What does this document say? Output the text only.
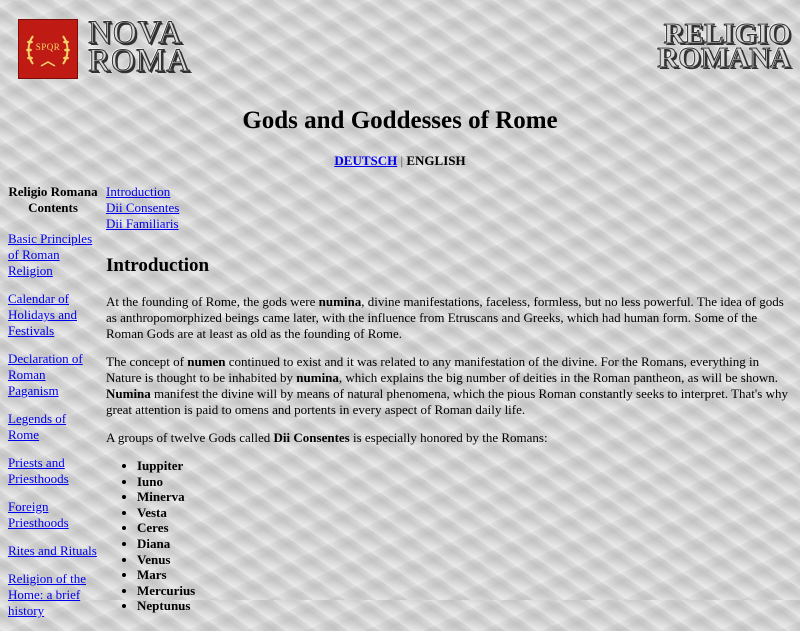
SPQR NOVA
ROMA
RELIGIO
ROMANA
Gods and Goddesses of Rome
DEUTSCH | ENGLISH
Religio Romana
Contents
Basic Principles of Roman Religion
Calendar of Holidays and Festivals
Declaration of Roman Paganism
Legends of Rome
Priests and Priesthoods
Foreign Priesthoods
Rites and Rituals
Religion of the Home: a brief history
Introduction
Dii Consentes
Dii Familiaris
Introduction

At the founding of Rome, the gods were numina, divine manifestations, faceless, formless, but no less powerful. The idea of gods as anthropomorphized beings came later, with the influence from Etruscans and Greeks, which had human form. Some of the Roman Gods are at least as old as the founding of Rome.

The concept of numen continued to exist and it was related to any manifestation of the divine. For the Romans, everything in Nature is thought to be inhabited by numina, which explains the big number of deities in the Roman pantheon, as will be shown. Numina manifest the divine will by means of natural phenomena, which the pious Roman constantly seeks to interpret. That's why great attention is paid to omens and portents in every aspect of Roman daily life.

A groups of twelve Gods called Dii Consentes is especially honored by the Romans:

• Iuppiter
• Iuno
• Minerva
• Vesta
• Ceres
• Diana
• Venus
• Mars
• Mercurius
• Neptunus
